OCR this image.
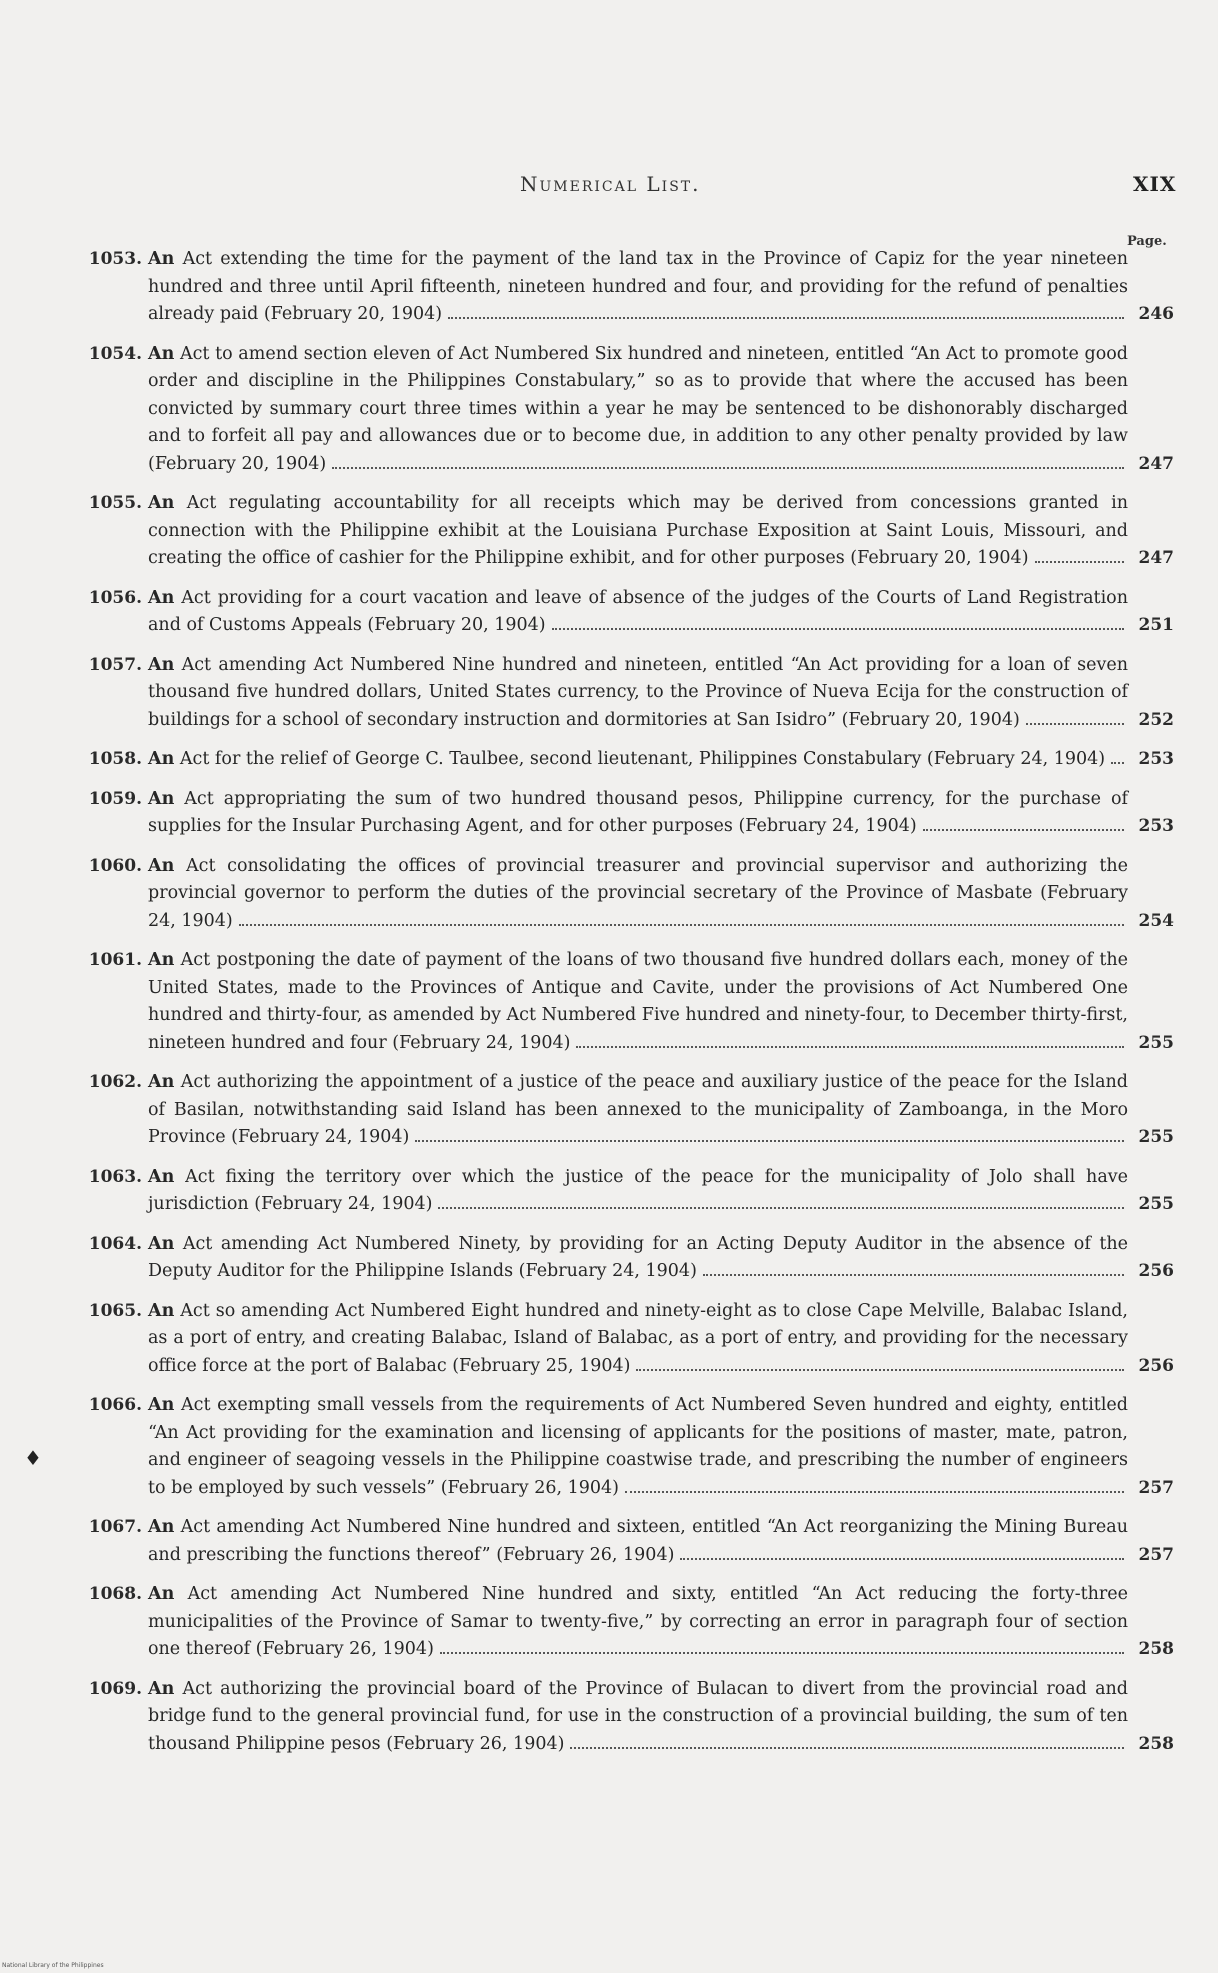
Numerical List.	XIX
Page.
1053. An Act extending the time for the payment of the land tax in the Province of Capiz for the year nineteen hundred and three until April fifteenth, nineteen hundred and four, and providing for the refund of penalties already paid (February 20, 1904)	246
1054. An Act to amend section eleven of Act Numbered Six hundred and nineteen, entitled “An Act to promote good order and discipline in the Philippines Constabulary,” so as to provide that where the accused has been convicted by summary court three times within a year he may be sentenced to be dishonorably discharged and to forfeit all pay and allowances due or to become due, in addition to any other penalty provided by law (February 20, 1904)	247
1055. An Act regulating accountability for all receipts which may be derived from concessions granted in connection with the Philippine exhibit at the Louisiana Purchase Exposition at Saint Louis, Missouri, and creating the office of cashier for the Philippine exhibit, and for other purposes (February 20, 1904)	247
1056. An Act providing for a court vacation and leave of absence of the judges of the Courts of Land Registration and of Customs Appeals (February 20, 1904)	251
1057. An Act amending Act Numbered Nine hundred and nineteen, entitled “An Act providing for a loan of seven thousand five hundred dollars, United States currency, to the Province of Nueva Ecija for the construction of buildings for a school of secondary instruction and dormitories at San Isidro” (February 20, 1904)	252
1058. An Act for the relief of George C. Taulbee, second lieutenant, Philippines Constabulary (February 24, 1904)	253
1059. An Act appropriating the sum of two hundred thousand pesos, Philippine currency, for the purchase of supplies for the Insular Purchasing Agent, and for other purposes (February 24, 1904)	253
1060. An Act consolidating the offices of provincial treasurer and provincial supervisor and authorizing the provincial governor to perform the duties of the provincial secretary of the Province of Masbate (February 24, 1904)	254
1061. An Act postponing the date of payment of the loans of two thousand five hundred dollars each, money of the United States, made to the Provinces of Antique and Cavite, under the provisions of Act Numbered One hundred and thirty-four, as amended by Act Numbered Five hundred and ninety-four, to December thirty-first, nineteen hundred and four (February 24, 1904)	255
1062. An Act authorizing the appointment of a justice of the peace and auxiliary justice of the peace for the Island of Basilan, notwithstanding said Island has been annexed to the municipality of Zamboanga, in the Moro Province (February 24, 1904)	255
1063. An Act fixing the territory over which the justice of the peace for the municipality of Jolo shall have jurisdiction (February 24, 1904)	255
1064. An Act amending Act Numbered Ninety, by providing for an Acting Deputy Auditor in the absence of the Deputy Auditor for the Philippine Islands (February 24, 1904)	256
1065. An Act so amending Act Numbered Eight hundred and ninety-eight as to close Cape Melville, Balabac Island, as a port of entry, and creating Balabac, Island of Balabac, as a port of entry, and providing for the necessary office force at the port of Balabac (February 25, 1904)	256
1066. An Act exempting small vessels from the requirements of Act Numbered Seven hundred and eighty, entitled “An Act providing for the examination and licensing of applicants for the positions of master, mate, patron, and engineer of seagoing vessels in the Philippine coastwise trade, and prescribing the number of engineers to be employed by such vessels” (February 26, 1904)	257
1067. An Act amending Act Numbered Nine hundred and sixteen, entitled “An Act reorganizing the Mining Bureau and prescribing the functions thereof” (February 26, 1904)	257
1068. An Act amending Act Numbered Nine hundred and sixty, entitled “An Act reducing the forty-three municipalities of the Province of Samar to twenty-five,” by correcting an error in paragraph four of section one thereof (February 26, 1904)	258
1069. An Act authorizing the provincial board of the Province of Bulacan to divert from the provincial road and bridge fund to the general provincial fund, for use in the construction of a provincial building, the sum of ten thousand Philippine pesos (February 26, 1904)	258
♦
National Library of the Philippines
